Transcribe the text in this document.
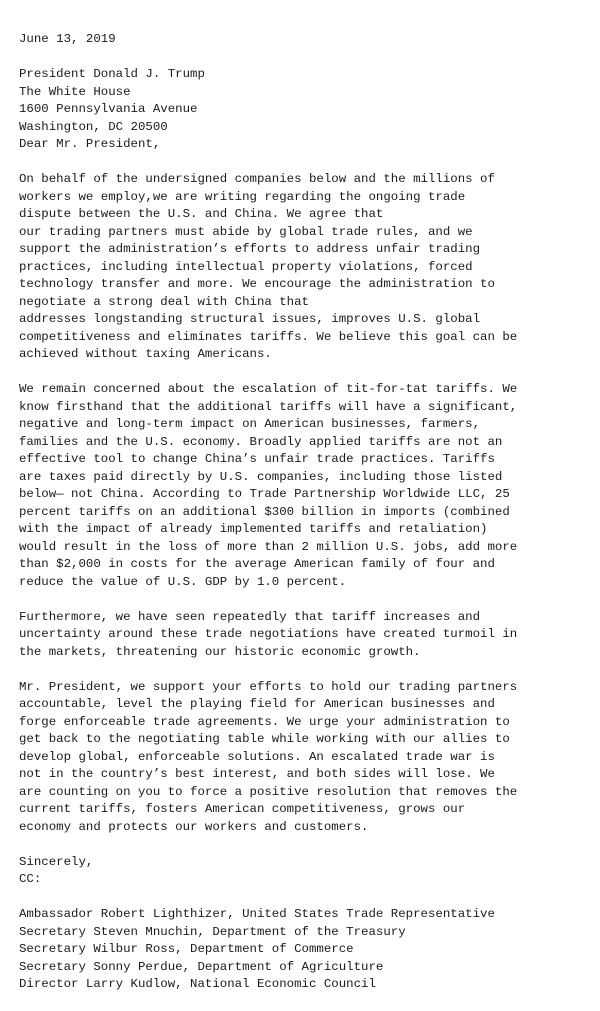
June 13, 2019
President Donald J. Trump
The White House
1600 Pennsylvania Avenue
Washington, DC 20500
Dear Mr. President,
On behalf of the undersigned companies below and the millions of
workers we employ,we are writing regarding the ongoing trade
dispute between the U.S. and China. We agree that
our trading partners must abide by global trade rules, and we
support the administration’s efforts to address unfair trading
practices, including intellectual property violations, forced
technology transfer and more. We encourage the administration to
negotiate a strong deal with China that
addresses longstanding structural issues, improves U.S. global
competitiveness and eliminates tariffs. We believe this goal can be
achieved without taxing Americans.
We remain concerned about the escalation of tit-for-tat tariffs. We
know firsthand that the additional tariffs will have a significant,
negative and long-term impact on American businesses, farmers,
families and the U.S. economy. Broadly applied tariffs are not an
effective tool to change China’s unfair trade practices. Tariffs
are taxes paid directly by U.S. companies, including those listed
below— not China. According to Trade Partnership Worldwide LLC, 25
percent tariffs on an additional $300 billion in imports (combined
with the impact of already implemented tariffs and retaliation)
would result in the loss of more than 2 million U.S. jobs, add more
than $2,000 in costs for the average American family of four and
reduce the value of U.S. GDP by 1.0 percent.
Furthermore, we have seen repeatedly that tariff increases and
uncertainty around these trade negotiations have created turmoil in
the markets, threatening our historic economic growth.
Mr. President, we support your efforts to hold our trading partners
accountable, level the playing field for American businesses and
forge enforceable trade agreements. We urge your administration to
get back to the negotiating table while working with our allies to
develop global, enforceable solutions. An escalated trade war is
not in the country’s best interest, and both sides will lose. We
are counting on you to force a positive resolution that removes the
current tariffs, fosters American competitiveness, grows our
economy and protects our workers and customers.
Sincerely,
CC:
Ambassador Robert Lighthizer, United States Trade Representative
Secretary Steven Mnuchin, Department of the Treasury
Secretary Wilbur Ross, Department of Commerce
Secretary Sonny Perdue, Department of Agriculture
Director Larry Kudlow, National Economic Council
